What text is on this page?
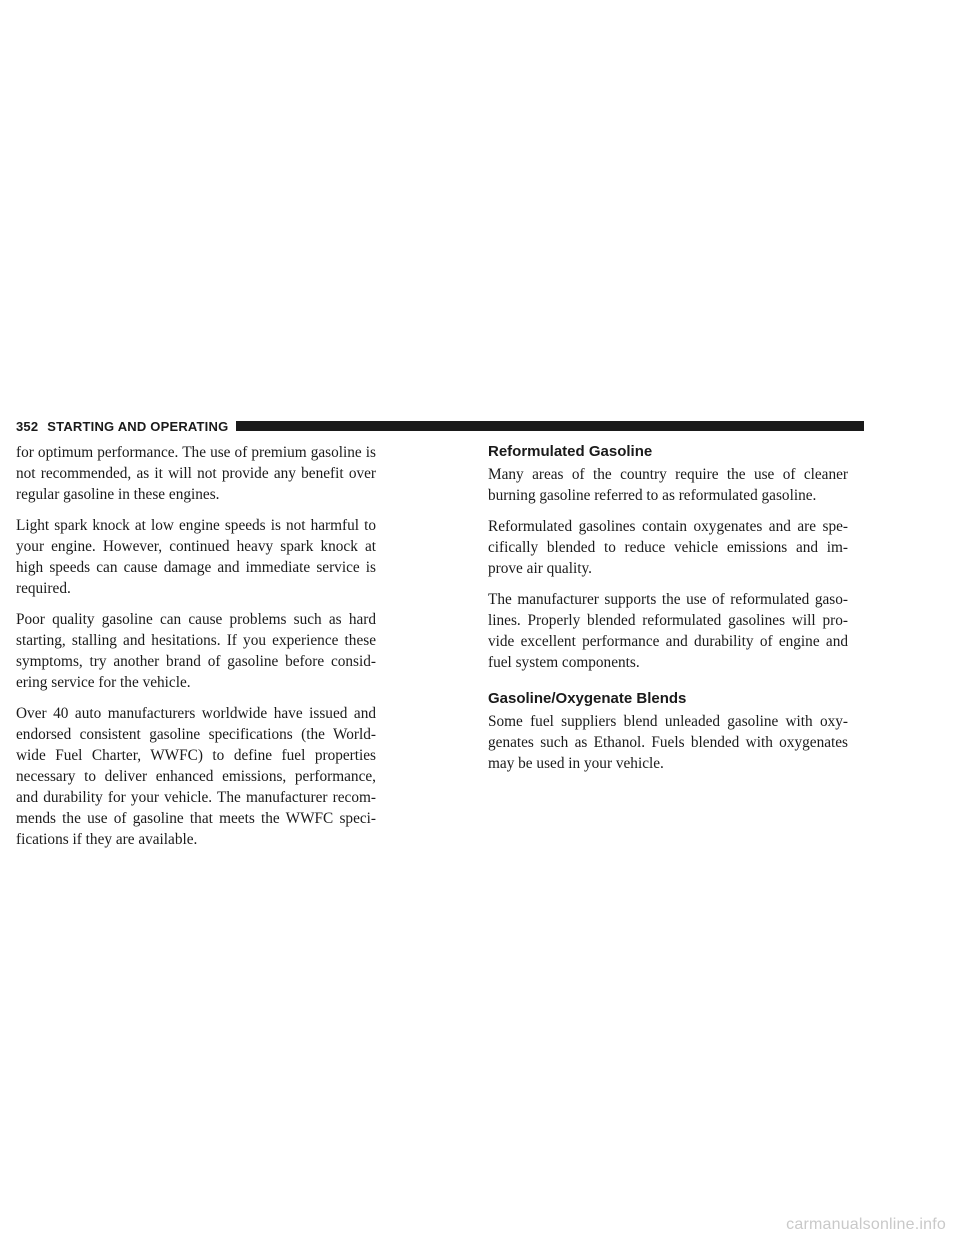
352 STARTING AND OPERATING

for optimum performance. The use of premium gasoline is not recommended, as it will not provide any benefit over regular gasoline in these engines.

Light spark knock at low engine speeds is not harmful to your engine. However, continued heavy spark knock at high speeds can cause damage and immediate service is required.

Poor quality gasoline can cause problems such as hard starting, stalling and hesitations. If you experience these symptoms, try another brand of gasoline before consid- ering service for the vehicle.

Over 40 auto manufacturers worldwide have issued and endorsed consistent gasoline specifications (the World- wide Fuel Charter, WWFC) to define fuel properties necessary to deliver enhanced emissions, performance, and durability for your vehicle. The manufacturer recom- mends the use of gasoline that meets the WWFC speci- fications if they are available.

Reformulated Gasoline

Many areas of the country require the use of cleaner burning gasoline referred to as reformulated gasoline.

Reformulated gasolines contain oxygenates and are spe- cifically blended to reduce vehicle emissions and im- prove air quality.

The manufacturer supports the use of reformulated gaso- lines. Properly blended reformulated gasolines will pro- vide excellent performance and durability of engine and fuel system components.

Gasoline/Oxygenate Blends

Some fuel suppliers blend unleaded gasoline with oxy- genates such as Ethanol. Fuels blended with oxygenates may be used in your vehicle.

carmanualsonline.info
